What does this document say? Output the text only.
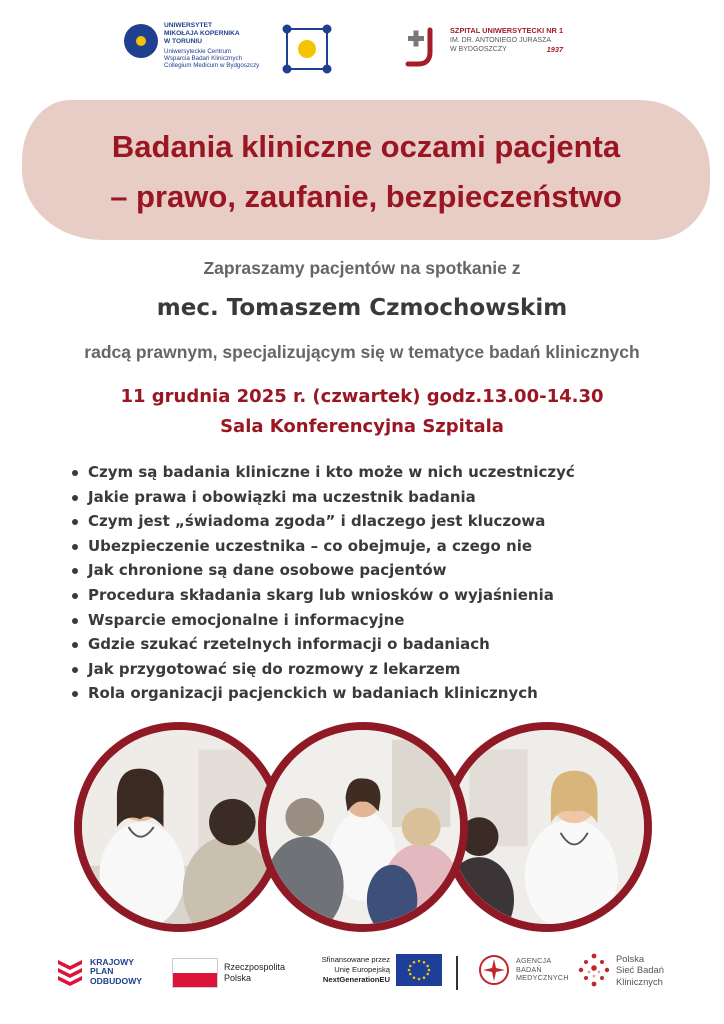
UNIWERSYTET
MIKOŁAJA KOPERNIKA
W TORUNIU
Uniwersyteckie Centrum
Wsparcia Badań Klinicznych
Collegium Medicum w Bydgoszczy
SZPITAL UNIWERSYTECKI NR 1
IM. DR. ANTONIEGO JURASZA
W BYDGOSZCZY	1937
Badania kliniczne oczami pacjenta
– prawo, zaufanie, bezpieczeństwo
Zapraszamy pacjentów na spotkanie z
mec. Tomaszem Czmochowskim
radcą prawnym, specjalizującym się w tematyce badań klinicznych
11 grudnia 2025 r. (czwartek) godz.13.00-14.30
Sala Konferencyjna Szpitala
Czym są badania kliniczne i kto może w nich uczestniczyć
Jakie prawa i obowiązki ma uczestnik badania
Czym jest „świadoma zgoda” i dlaczego jest kluczowa
Ubezpieczenie uczestnika – co obejmuje, a czego nie
Jak chronione są dane osobowe pacjentów
Procedura składania skarg lub wniosków o wyjaśnienia
Wsparcie emocjonalne i informacyjne
Gdzie szukać rzetelnych informacji o badaniach
Jak przygotować się do rozmowy z lekarzem
Rola organizacji pacjenckich w badaniach klinicznych
KRAJOWY
PLAN
ODBUDOWY
Rzeczpospolita
Polska
Sfinansowane przez
Unię Europejską
NextGenerationEU
AGENCJA
BADAŃ
MEDYCZNYCH
Polska
Sieć Badań
Klinicznych
